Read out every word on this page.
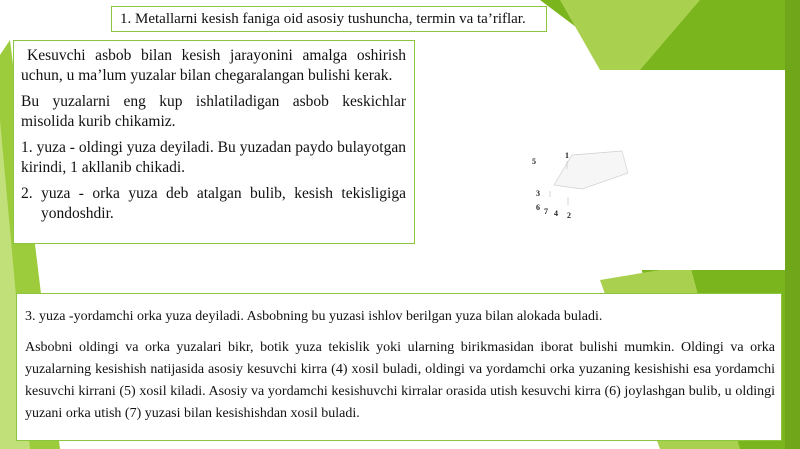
1. Metallarni kesish faniga oid asosiy tushuncha, termin va ta’riflar.

Kesuvchi asbob bilan kesish jarayonini amalga oshirish uchun, u ma’lum yuzalar bilan chegaralangan bulishi kerak.

Bu yuzalarni eng kup ishlatiladigan asbob keskichlar misolida kurib chikamiz.

1. yuza - oldingi yuza deyiladi. Bu yuzadan paydo bulayotgan kirindi, 1 akllanib chikadi.

2. yuza - orka yuza deb atalgan bulib, kesish tekisligiga yondoshdir.

1
5
3
6 7 4 2

3. yuza -yordamchi orka yuza deyiladi. Asbobning bu yuzasi ishlov berilgan yuza bilan alokada buladi.

Asbobni oldingi va orka yuzalari bikr, botik yuza tekislik yoki ularning birikmasidan iborat bulishi mumkin. Oldingi va orka yuzalarning kesishish natijasida asosiy kesuvchi kirra (4) xosil buladi, oldingi va yordamchi orka yuzaning kesishishi esa yordamchi kesuvchi kirrani (5) xosil kiladi. Asosiy va yordamchi kesishuvchi kirralar orasida utish kesuvchi kirra (6) joylashgan bulib, u oldingi yuzani orka utish (7) yuzasi bilan kesishishdan xosil buladi.
